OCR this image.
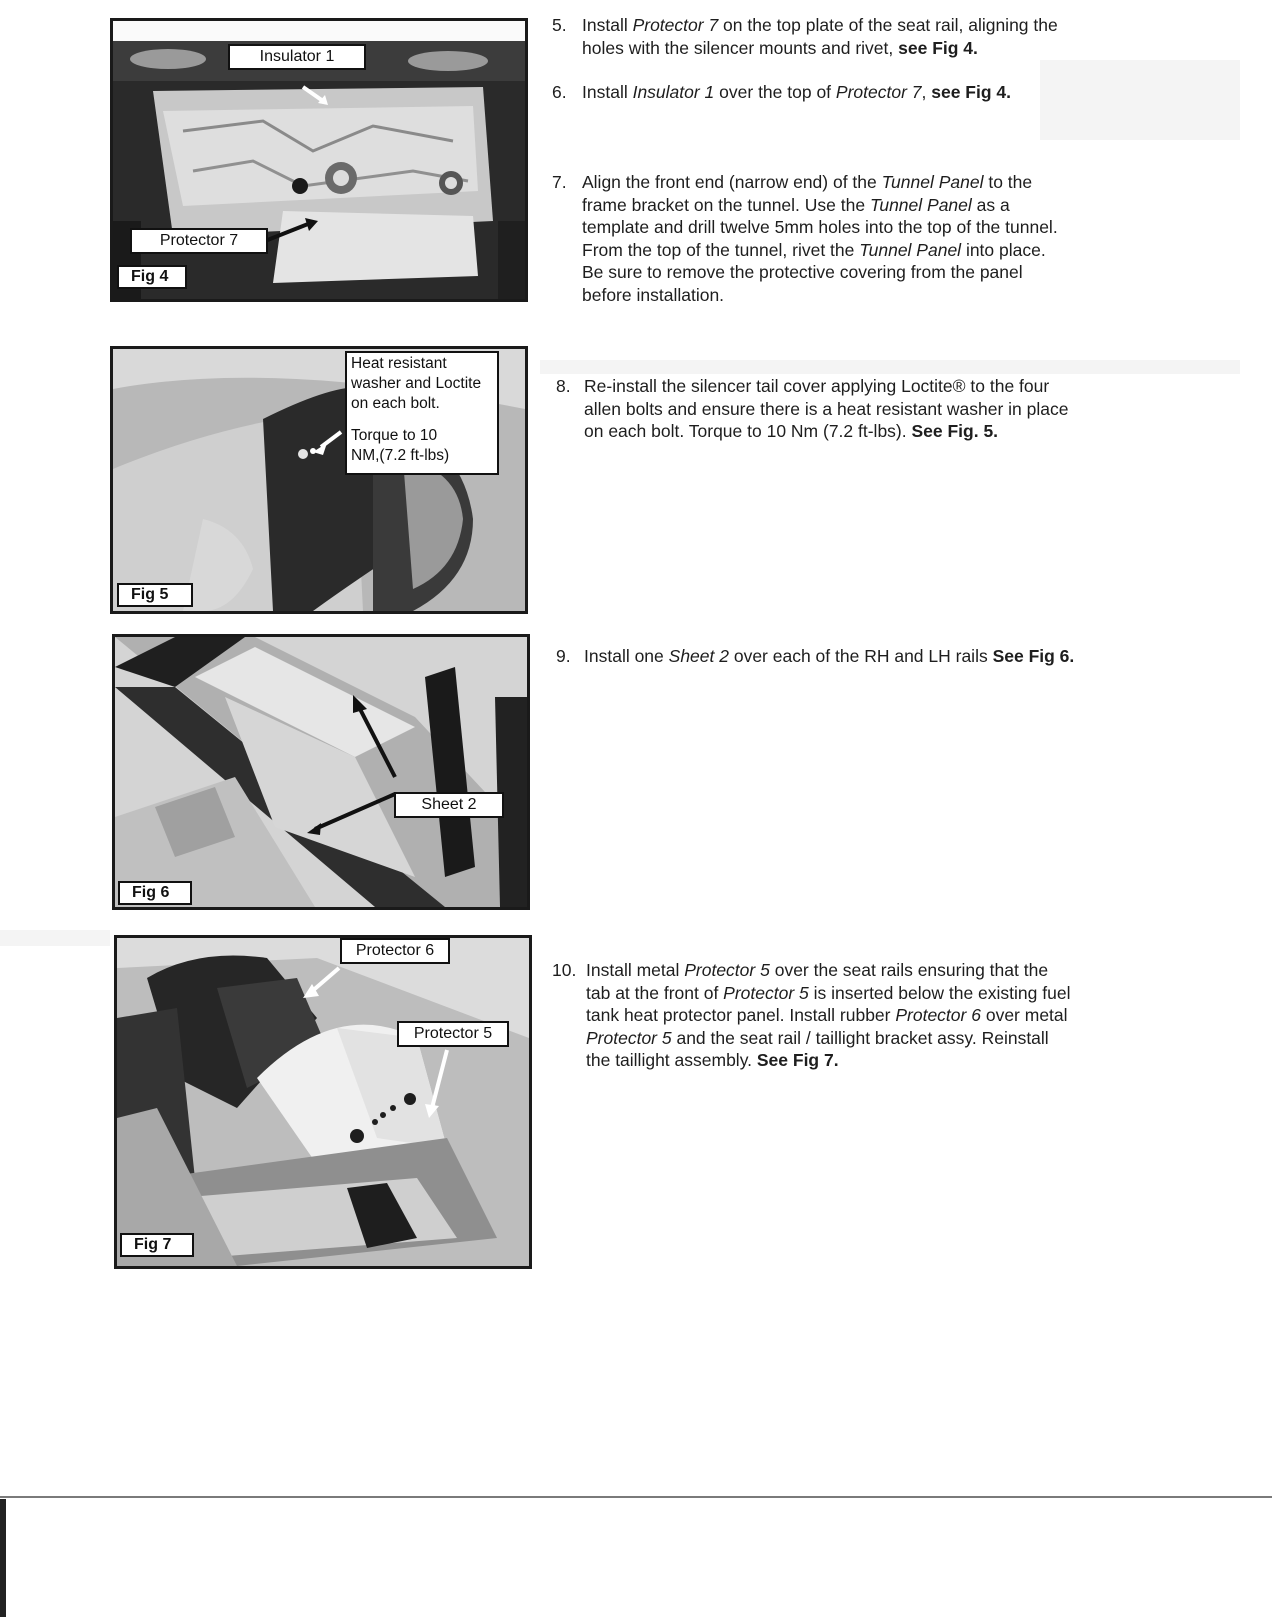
Insulator 1
Protector 7
Fig 4
Heat resistant
washer and Loctite
on each bolt.
Torque to 10
NM,(7.2 ft-lbs)
Fig 5
Sheet 2
Fig 6
Protector 6
Protector 5
Fig 7
5. Install Protector 7 on the top plate of the seat rail, aligning the
holes with the silencer mounts and rivet, see Fig 4.
6. Install Insulator 1 over the top of Protector 7, see Fig 4.
7. Align the front end (narrow end) of the Tunnel Panel to the
frame bracket on the tunnel. Use the Tunnel Panel as a
template and drill twelve 5mm holes into the top of the tunnel.
From the top of the tunnel, rivet the Tunnel Panel into place.
Be sure to remove the protective covering from the panel
before installation.
8. Re-install the silencer tail cover applying Loctite® to the four
allen bolts and ensure there is a heat resistant washer in place
on each bolt. Torque to 10 Nm (7.2 ft-lbs). See Fig. 5.
9. Install one Sheet 2 over each of the RH and LH rails See Fig 6.
10. Install metal Protector 5 over the seat rails ensuring that the
tab at the front of Protector 5 is inserted below the existing fuel
tank heat protector panel. Install rubber Protector 6 over metal
Protector 5 and the seat rail / taillight bracket assy. Reinstall
the taillight assembly. See Fig 7.
